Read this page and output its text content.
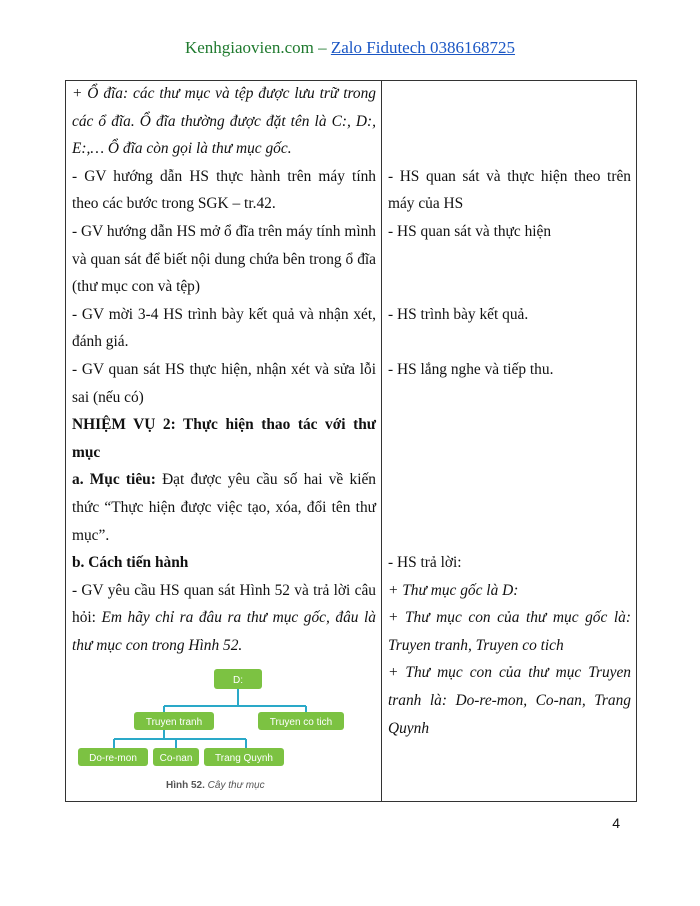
Kenhgiaovien.com – Zalo Fidutech 0386168725

+ Ổ đĩa: các thư mục và tệp được lưu trữ trong các ổ đĩa. Ổ đĩa thường được đặt tên là C:, D:, E:,… Ổ đĩa còn gọi là thư mục gốc.

- GV hướng dẫn HS thực hành trên máy tính theo các bước trong SGK – tr.42.

- GV hướng dẫn HS mở ổ đĩa trên máy tính mình và quan sát để biết nội dung chứa bên trong ổ đĩa (thư mục con và tệp)

- GV mời 3-4 HS trình bày kết quả và nhận xét, đánh giá.

- GV quan sát HS thực hiện, nhận xét và sửa lỗi sai (nếu có)

NHIỆM VỤ 2: Thực hiện thao tác với thư mục

a. Mục tiêu: Đạt được yêu cầu số hai về kiến thức “Thực hiện được việc tạo, xóa, đổi tên thư mục”.

b. Cách tiến hành

- GV yêu cầu HS quan sát Hình 52 và trả lời câu hỏi: Em hãy chỉ ra đâu ra thư mục gốc, đâu là thư mục con trong Hình 52.

- HS quan sát và thực hiện theo trên máy của HS

- HS quan sát và thực hiện

- HS trình bày kết quả.

- HS lắng nghe và tiếp thu.

- HS trả lời:

+ Thư mục gốc là D:

+ Thư mục con của thư mục gốc là: Truyen tranh, Truyen co tich

+ Thư mục con của thư mục Truyen tranh là: Do-re-mon, Co-nan, Trang Quynh

D:
Truyen tranh	Truyen co tich
Do-re-mon Co-nan Trang Quynh
Hình 52. Cây thư mục
4
